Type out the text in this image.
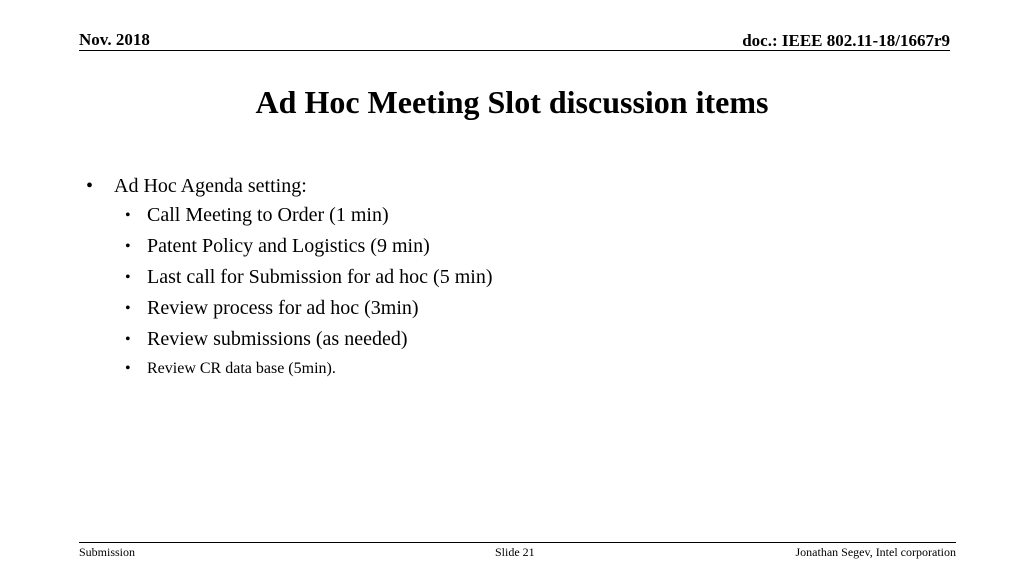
Nov. 2018	doc.: IEEE 802.11-18/1667r9
Ad Hoc Meeting Slot discussion items
• Ad Hoc Agenda setting:
• Call Meeting to Order (1 min)
• Patent Policy and Logistics (9 min)
• Last call for Submission for ad hoc (5 min)
• Review process for ad hoc (3min)
• Review submissions (as needed)
• Review CR data base (5min).
Submission	Slide 21	Jonathan Segev, Intel corporation
